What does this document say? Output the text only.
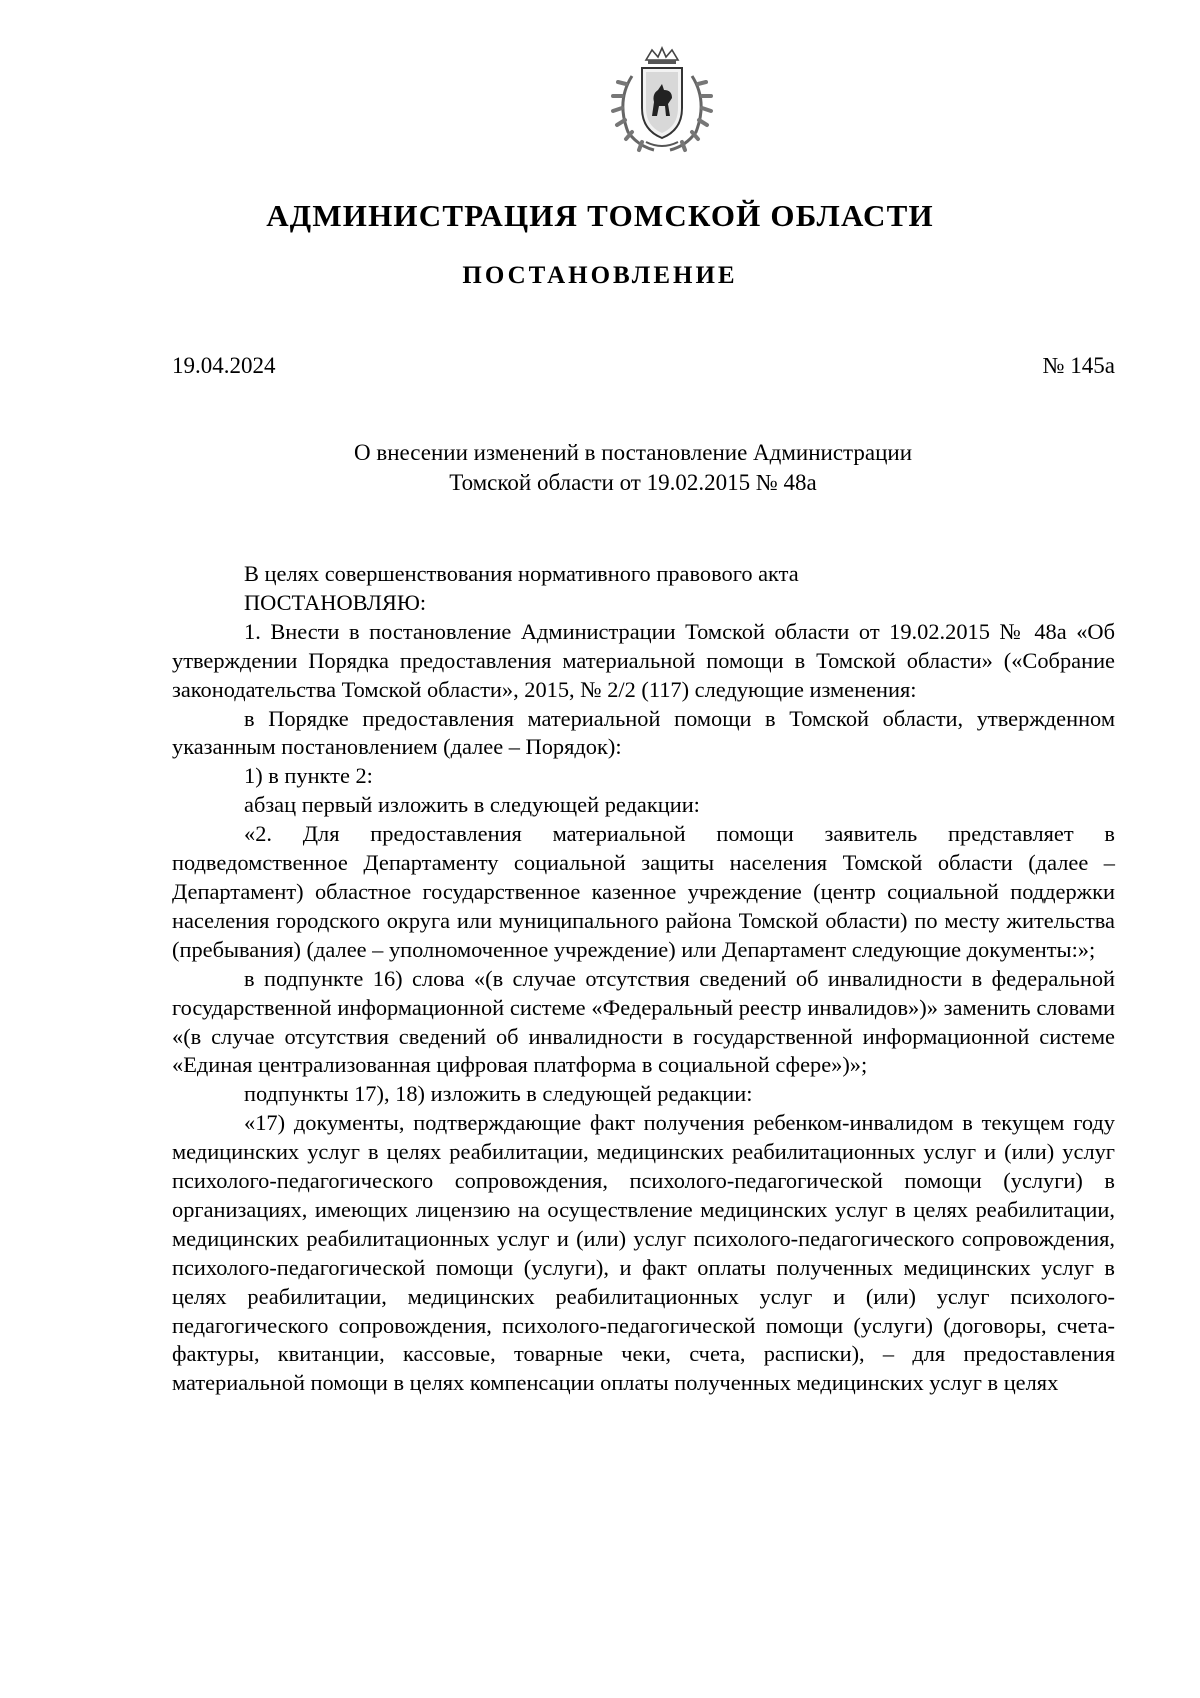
АДМИНИСТРАЦИЯ ТОМСКОЙ ОБЛАСТИ
ПОСТАНОВЛЕНИЕ
19.04.2024	№ 145а
О внесении изменений в постановление Администрации
Томской области от 19.02.2015 № 48а

В целях совершенствования нормативного правового акта

ПОСТАНОВЛЯЮ:

1. Внести в постановление Администрации Томской области от 19.02.2015 № 48а «Об утверждении Порядка предоставления материальной помощи в Томской области» («Собрание законодательства Томской области», 2015, № 2/2 (117) следующие изменения:

в Порядке предоставления материальной помощи в Томской области, утвержденном указанным постановлением (далее – Порядок):

1) в пункте 2:

абзац первый изложить в следующей редакции:

«2. Для предоставления материальной помощи заявитель представляет в подведомственное Департаменту социальной защиты населения Томской области (далее – Департамент) областное государственное казенное учреждение (центр социальной поддержки населения городского округа или муниципального района Томской области) по месту жительства (пребывания) (далее – уполномоченное учреждение) или Департамент следующие документы:»;

в подпункте 16) слова «(в случае отсутствия сведений об инвалидности в федеральной государственной информационной системе «Федеральный реестр инвалидов»)» заменить словами «(в случае отсутствия сведений об инвалидности в государственной информационной системе «Единая централизованная цифровая платформа в социальной сфере»)»;

подпункты 17), 18) изложить в следующей редакции:

«17) документы, подтверждающие факт получения ребенком-инвалидом в текущем году медицинских услуг в целях реабилитации, медицинских реабилитационных услуг и (или) услуг психолого-педагогического сопровождения, психолого-педагогической помощи (услуги) в организациях, имеющих лицензию на осуществление медицинских услуг в целях реабилитации, медицинских реабилитационных услуг и (или) услуг психолого-педагогического сопровождения, психолого-педагогической помощи (услуги), и факт оплаты полученных медицинских услуг в целях реабилитации, медицинских реабилитационных услуг и (или) услуг психолого-педагогического сопровождения, психолого-педагогической помощи (услуги) (договоры, счета-фактуры, квитанции, кассовые, товарные чеки, счета, расписки), – для предоставления материальной помощи в целях компенсации оплаты полученных медицинских услуг в целях
